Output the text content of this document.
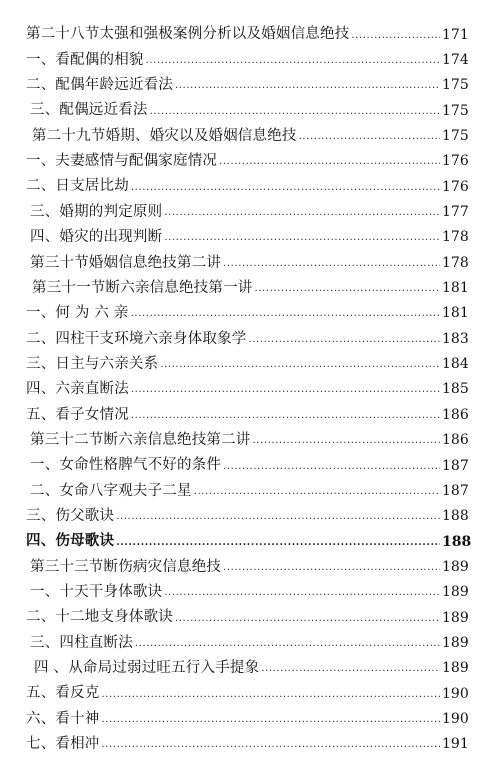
第二十八节太强和强极案例分析以及婚姻信息绝技 .....	171
一、看配偶的相貌 .....	174
二、配偶年龄远近看法 .....	175
三、配偶远近看法 .....	175
第二十九节婚期、婚灾以及婚姻信息绝技 .....	175
一、夫妻感情与配偶家庭情况 .....	176
二、日支居比劫 .....	176
三、婚期的判定原则 .....	177
四、婚灾的出现判断 .....	178
第三十节婚姻信息绝技第二讲 .....	178
第三十一节断六亲信息绝技第一讲 .....	181
一、何 为 六 亲 .....	181
二、四柱干支环境六亲身体取象学 .....	183
三、日主与六亲关系 .....	184
四、六亲直断法 .....	185
五、看子女情况 .....	186
第三十二节断六亲信息绝技第二讲 .....	186
一、女命性格脾气不好的条件 .....	187
二、女命八字观夫子二星 .....	187
三、伤父歌诀 .....	188
四、伤母歌诀 .....	188
第三十三节断伤病灾信息绝技 .....	189
一、十天干身体歌诀 .....	189
二、十二地支身体歌诀 .....	189
三、四柱直断法 .....	189
四 、从命局过弱过旺五行入手提象 .....	189
五、看反克 .....	190
六、看十神 .....	190
七、看相冲 .....	191
